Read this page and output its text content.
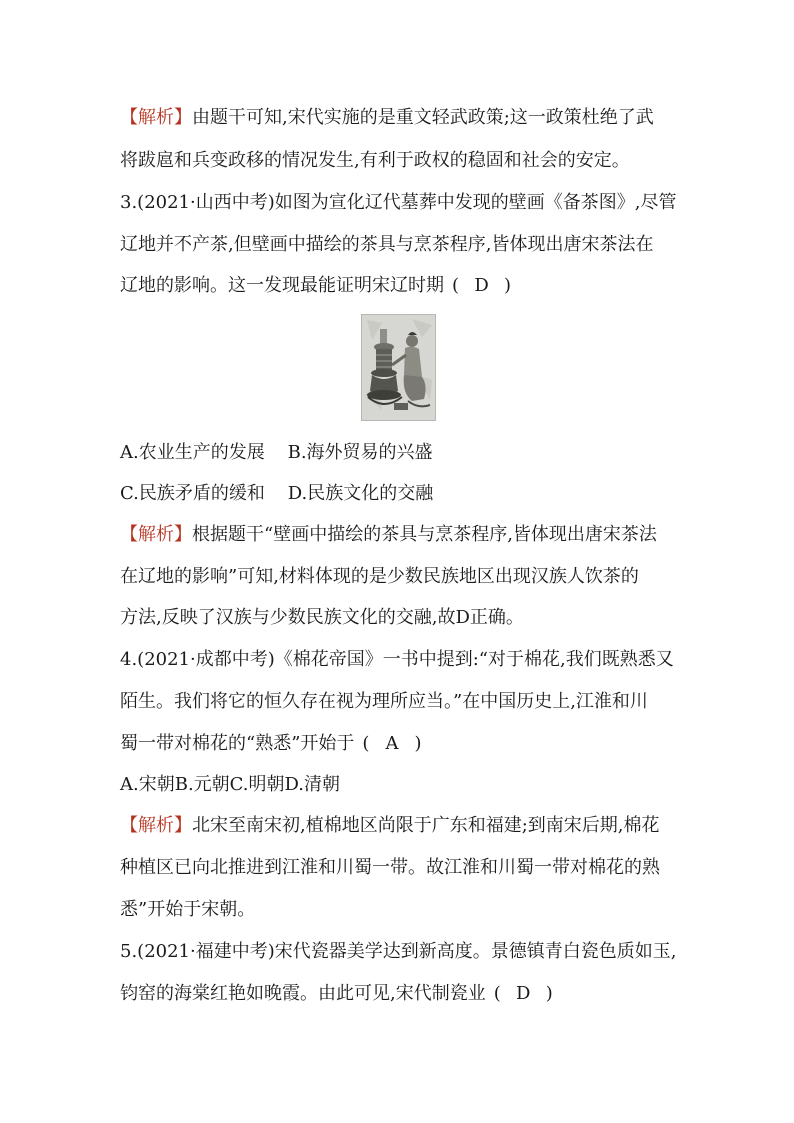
【解析】由题干可知,宋代实施的是重文轻武政策;这一政策杜绝了武
将跋扈和兵变政移的情况发生,有利于政权的稳固和社会的安定。
3.(2021·山西中考)如图为宣化辽代墓葬中发现的壁画《备茶图》,尽管
辽地并不产茶,但壁画中描绘的茶具与烹茶程序,皆体现出唐宋茶法在
辽地的影响。这一发现最能证明宋辽时期 ( D )
A.农业生产的发展    B.海外贸易的兴盛
C.民族矛盾的缓和    D.民族文化的交融
【解析】根据题干“壁画中描绘的茶具与烹茶程序,皆体现出唐宋茶法
在辽地的影响”可知,材料体现的是少数民族地区出现汉族人饮茶的
方法,反映了汉族与少数民族文化的交融,故D正确。
4.(2021·成都中考)《棉花帝国》一书中提到:“对于棉花,我们既熟悉又
陌生。我们将它的恒久存在视为理所应当。”在中国历史上,江淮和川
蜀一带对棉花的“熟悉”开始于 ( A )
A.宋朝B.元朝C.明朝D.清朝
【解析】北宋至南宋初,植棉地区尚限于广东和福建;到南宋后期,棉花
种植区已向北推进到江淮和川蜀一带。故江淮和川蜀一带对棉花的熟
悉”开始于宋朝。
5.(2021·福建中考)宋代瓷器美学达到新高度。景德镇青白瓷色质如玉,
钧窑的海棠红艳如晚霞。由此可见,宋代制瓷业 ( D )
